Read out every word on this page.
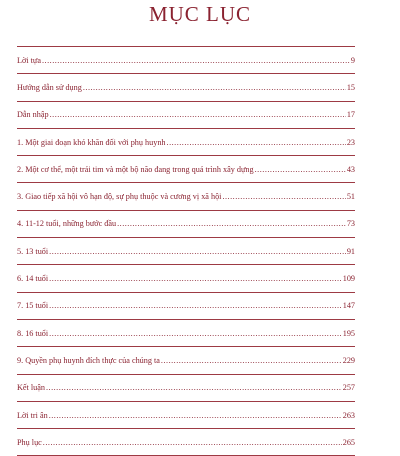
MỤC LỤC
Lời tựa .....	9
Hướng dẫn sử dụng .....	15
Dẫn nhập .....	17
1. Một giai đoạn khó khăn đối với phụ huynh .....	23
2. Một cơ thể, một trái tim và một bộ não đang trong quá trình xây dựng .....	43
3. Giao tiếp xã hội vô hạn độ, sự phụ thuộc và cương vị xã hội .....	51
4. 11-12 tuổi, những bước đầu .....	73
5. 13 tuổi .....	91
6. 14 tuổi .....	109
7. 15 tuổi .....	147
8. 16 tuổi .....	195
9. Quyền phụ huynh đích thực của chúng ta .....	229
Kết luận .....	257
Lời tri ân .....	263
Phụ lục .....	265
